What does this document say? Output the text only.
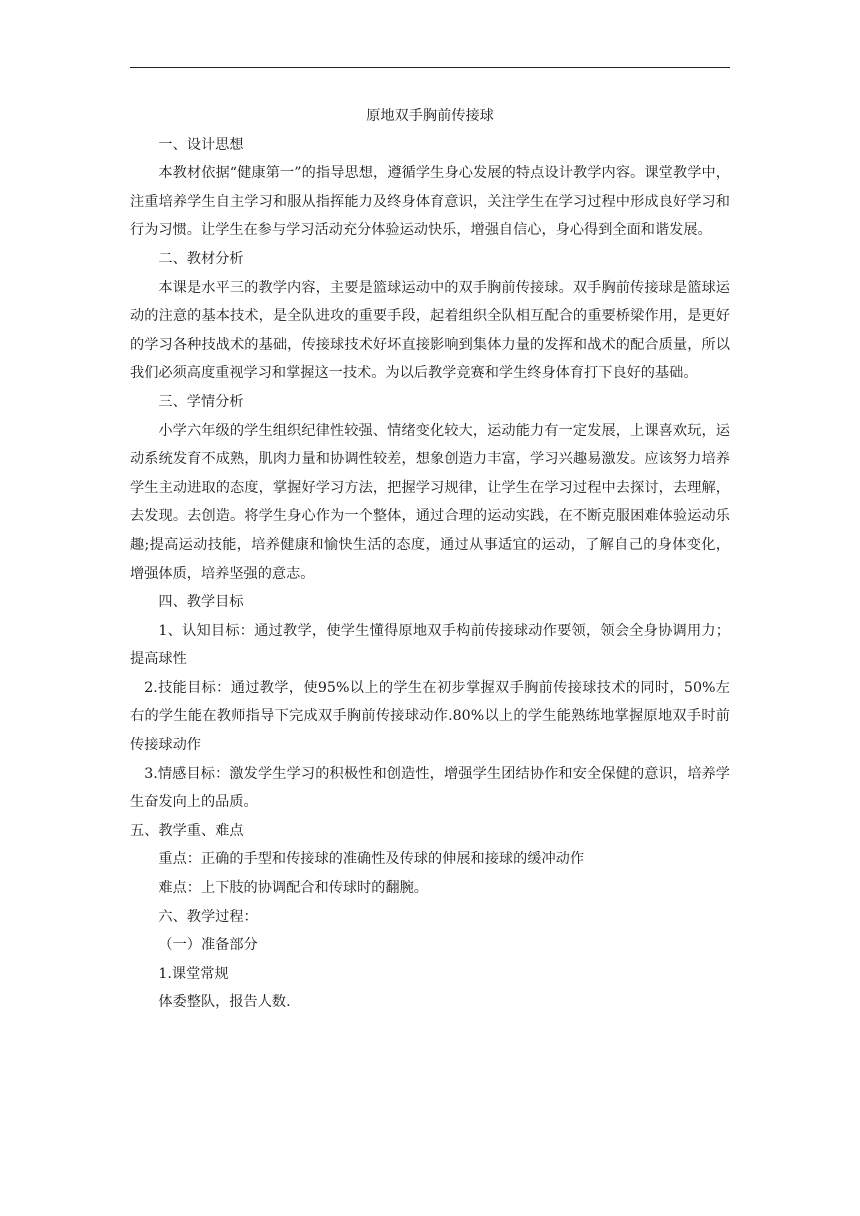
原地双手胸前传接球

一、设计思想

本教材依据“健康第一”的指导思想，遵循学生身心发展的特点设计教学内容。课堂教学中，注重培养学生自主学习和服从指挥能力及终身体育意识，关注学生在学习过程中形成良好学习和行为习惯。让学生在参与学习活动充分体验运动快乐，增强自信心，身心得到全面和谐发展。

二、教材分析

本课是水平三的教学内容，主要是篮球运动中的双手胸前传接球。双手胸前传接球是篮球运动的注意的基本技术，是全队进攻的重要手段，起着组织全队相互配合的重要桥梁作用，是更好的学习各种技战术的基础，传接球技术好坏直接影响到集体力量的发挥和战术的配合质量，所以我们必须高度重视学习和掌握这一技术。为以后教学竞赛和学生终身体育打下良好的基础。

三、学情分析

小学六年级的学生组织纪律性较强、情绪变化较大，运动能力有一定发展，上课喜欢玩，运动系统发育不成熟，肌肉力量和协调性较差，想象创造力丰富，学习兴趣易激发。应该努力培养学生主动进取的态度，掌握好学习方法，把握学习规律，让学生在学习过程中去探讨，去理解，去发现。去创造。将学生身心作为一个整体，通过合理的运动实践，在不断克服困难体验运动乐趣;提高运动技能，培养健康和愉快生活的态度，通过从事适宜的运动，了解自己的身体变化，增强体质，培养坚强的意志。

四、教学目标

1、认知目标：通过教学，使学生懂得原地双手构前传接球动作要领，领会全身协调用力；提高球性

2.技能目标：通过教学，使95%以上的学生在初步掌握双手胸前传接球技术的同时，50%左右的学生能在教师指导下完成双手胸前传接球动作.80%以上的学生能熟练地掌握原地双手时前传接球动作

3.情感目标：激发学生学习的积极性和创造性，增强学生团结协作和安全保健的意识，培养学生奋发向上的品质。

五、教学重、难点

重点：正确的手型和传接球的准确性及传球的伸展和接球的缓冲动作

难点：上下肢的协调配合和传球时的翻腕。

六、教学过程：

（一）准备部分

1.课堂常规

体委整队，报告人数.
